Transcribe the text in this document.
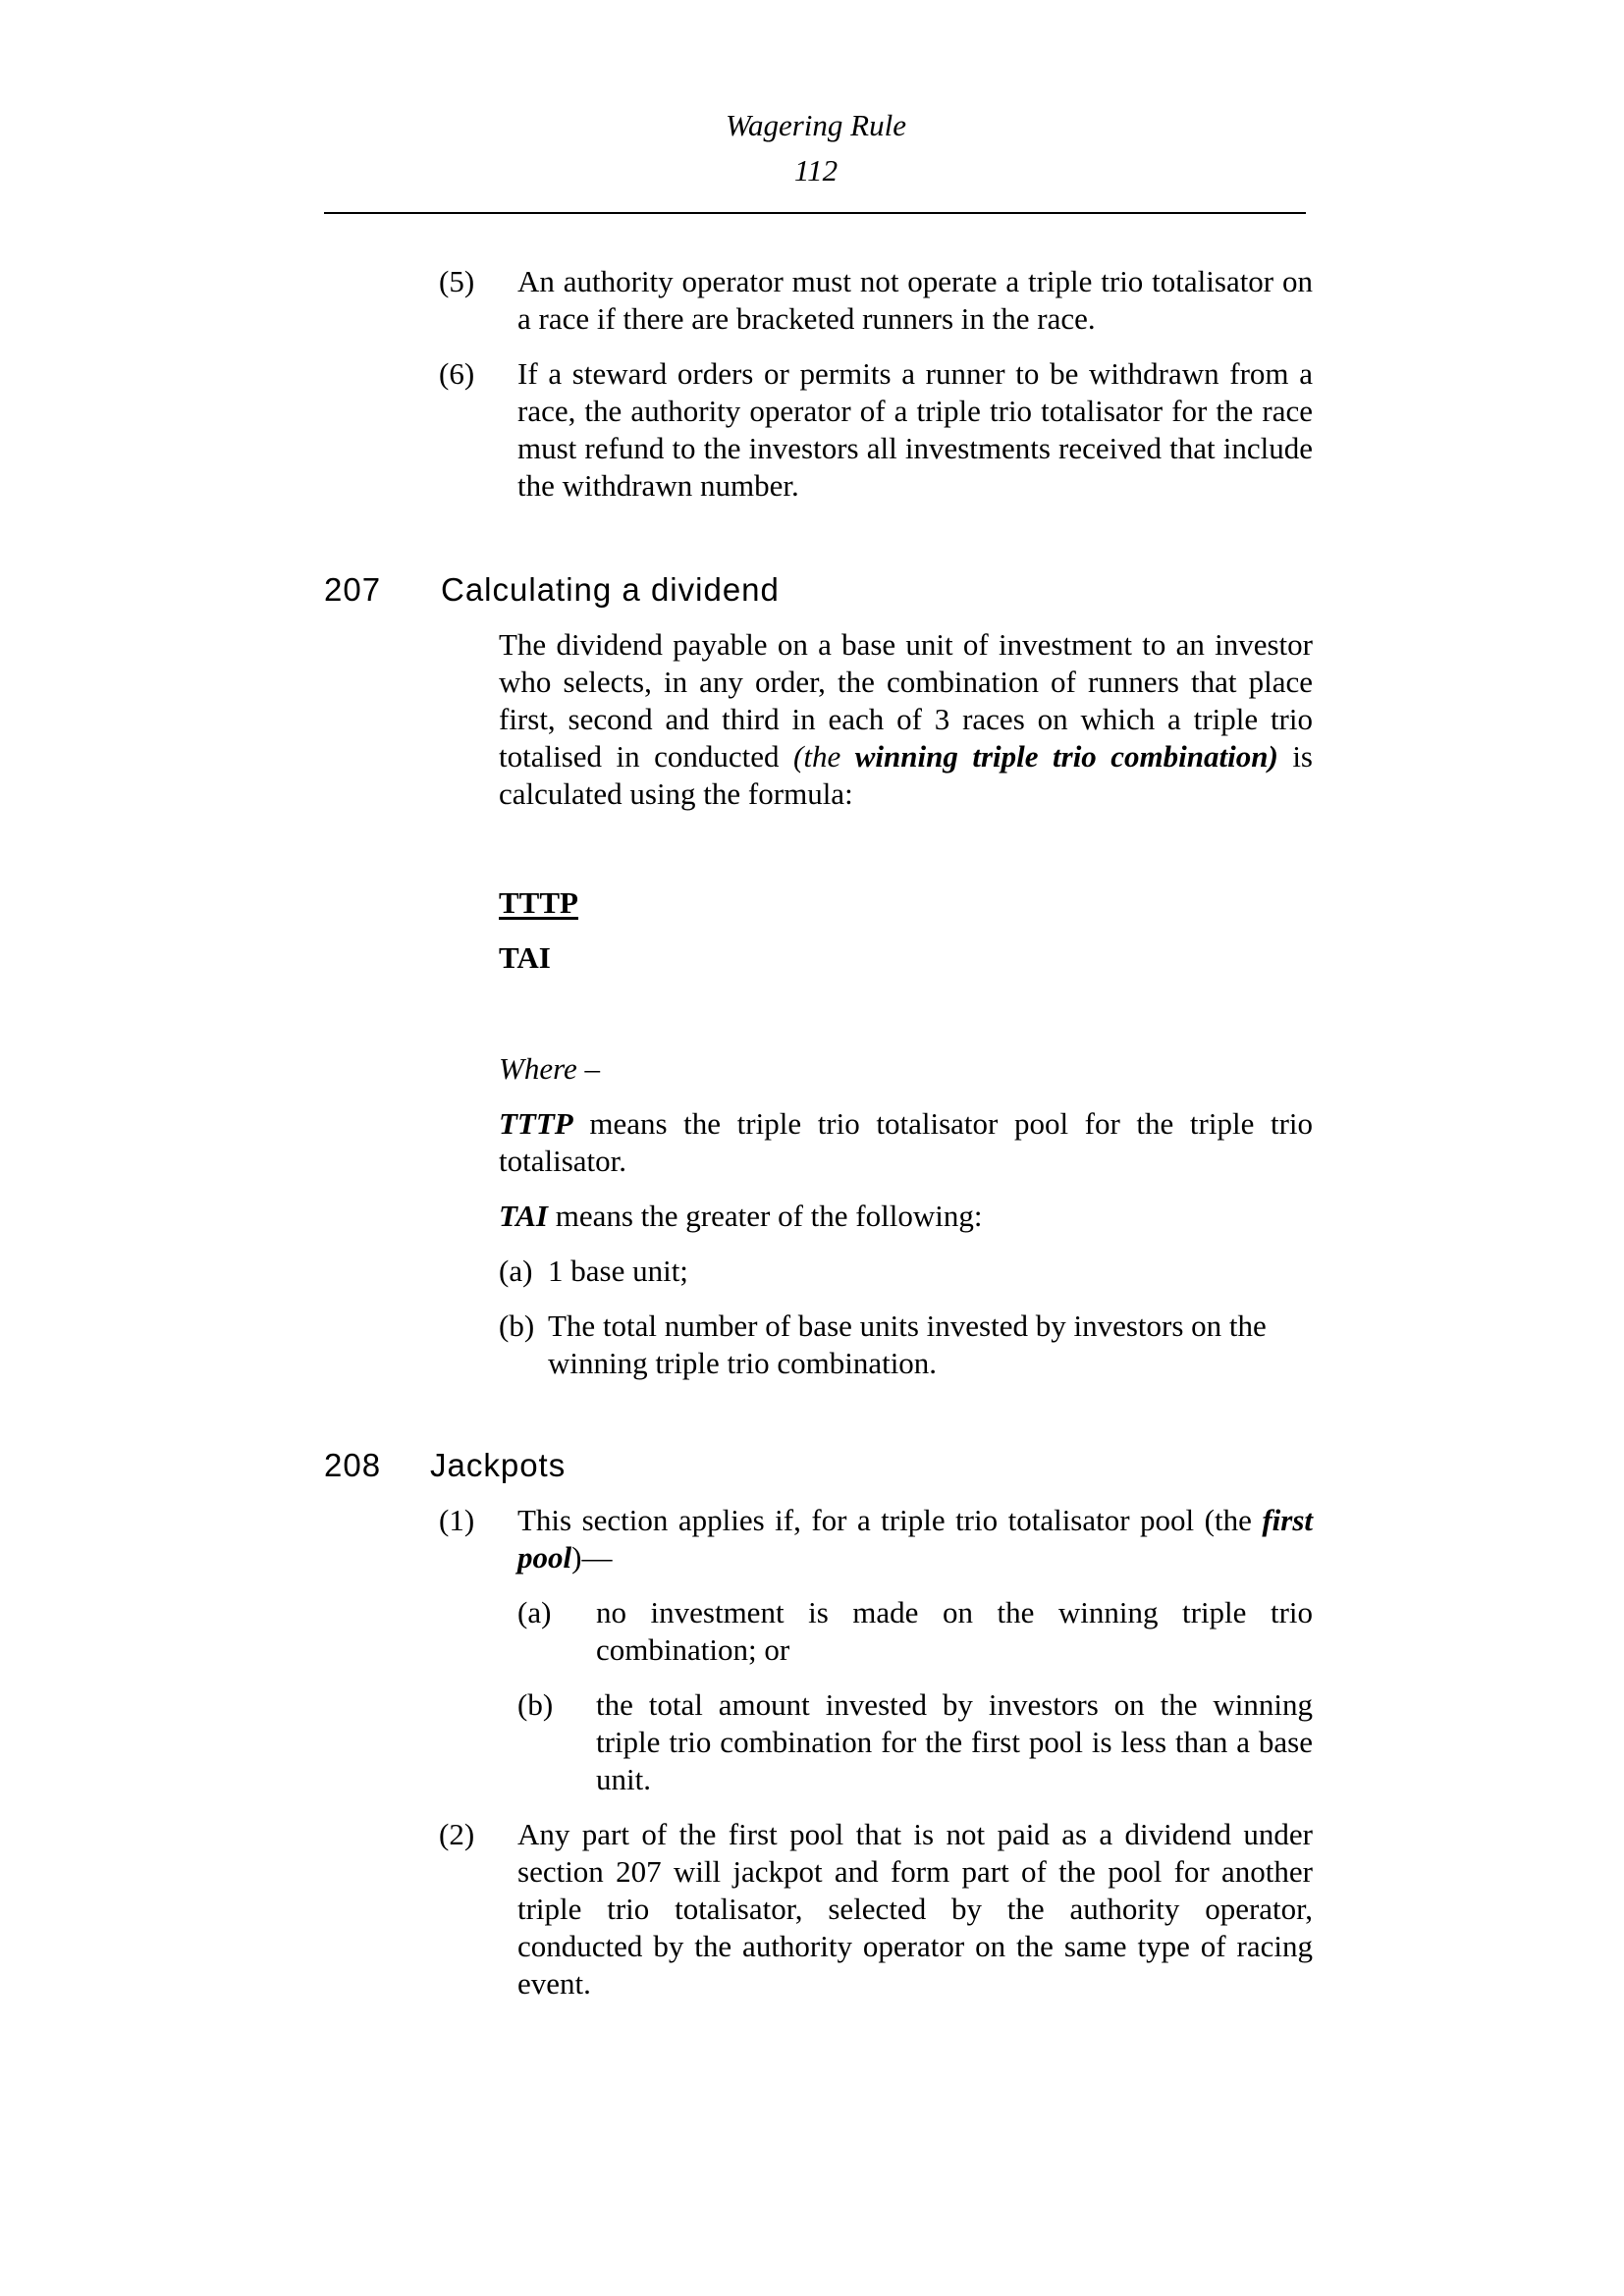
Wagering Rule
112
(5) An authority operator must not operate a triple trio totalisator on a race if there are bracketed runners in the race.
(6) If a steward orders or permits a runner to be withdrawn from a race, the authority operator of a triple trio totalisator for the race must refund to the investors all investments received that include the withdrawn number.
207 Calculating a dividend
The dividend payable on a base unit of investment to an investor who selects, in any order, the combination of runners that place first, second and third in each of 3 races on which a triple trio totalised in conducted (the winning triple trio combination) is calculated using the formula:
TTTP
TAI
Where –
TTTP means the triple trio totalisator pool for the triple trio totalisator.
TAI means the greater of the following:
(a) 1 base unit;
(b) The total number of base units invested by investors on the winning triple trio combination.
208 Jackpots
(1) This section applies if, for a triple trio totalisator pool (the first pool)—
(a) no investment is made on the winning triple trio combination; or
(b) the total amount invested by investors on the winning triple trio combination for the first pool is less than a base unit.
(2) Any part of the first pool that is not paid as a dividend under section 207 will jackpot and form part of the pool for another triple trio totalisator, selected by the authority operator, conducted by the authority operator on the same type of racing event.
